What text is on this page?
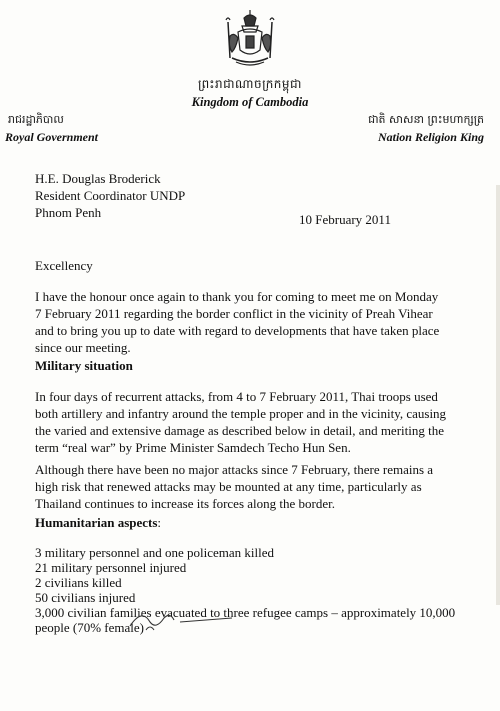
ព្រះរាជាណាចក្រកម្ពុជា
Kingdom of Cambodia
រាជរដ្ឋាភិបាល
Royal Government
ជាតិ សាសនា ព្រះមហាក្សត្រ
Nation Religion King
H.E. Douglas Broderick
Resident Coordinator UNDP
Phnom Penh	10 February 2011
Excellency
I have the honour once again to thank you for coming to meet me on Monday
7 February 2011 regarding the border conflict in the vicinity of Preah Vihear
and to bring you up to date with regard to developments that have taken place
since our meeting.
Military situation
In four days of recurrent attacks, from 4 to 7 February 2011, Thai troops used
both artillery and infantry around the temple proper and in the vicinity, causing
the varied and extensive damage as described below in detail, and meriting the
term “real war” by Prime Minister Samdech Techo Hun Sen.
Although there have been no major attacks since 7 February, there remains a
high risk that renewed attacks may be mounted at any time, particularly as
Thailand continues to increase its forces along the border.
Humanitarian aspects:
3 military personnel and one policeman killed
21 military personnel injured
2 civilians killed
50 civilians injured
3,000 civilian families evacuated to three refugee camps – approximately 10,000
people (70% female)
